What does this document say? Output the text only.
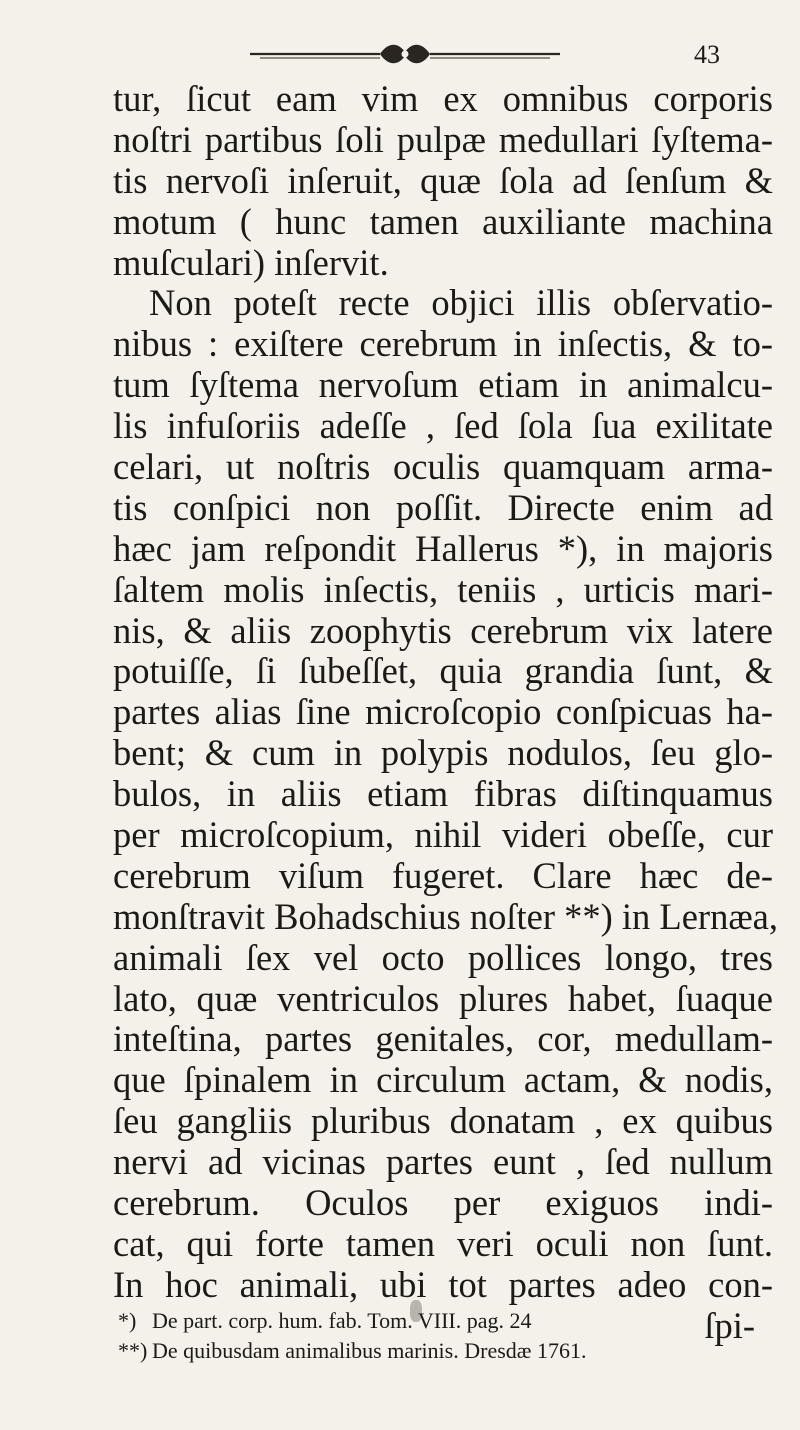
43
tur, ſicut eam vim ex omnibus corporis
noſtri partibus ſoli pulpæ medullari ſyſtema-
tis nervoſi inſeruit, quæ ſola ad ſenſum &
motum ( hunc tamen auxiliante machina
muſculari) inſervit.
Non poteſt recte objici illis obſervatio-
nibus : exiſtere cerebrum in inſectis, & to-
tum ſyſtema nervoſum etiam in animalcu-
lis infuſoriis adeſſe , ſed ſola ſua exilitate
celari, ut noſtris oculis quamquam arma-
tis conſpici non poſſit. Directe enim ad
hæc jam reſpondit Hallerus *), in majoris
ſaltem molis inſectis, teniis , urticis mari-
nis, & aliis zoophytis cerebrum vix latere
potuiſſe, ſi ſubeſſet, quia grandia ſunt, &
partes alias ſine microſcopio conſpicuas ha-
bent; & cum in polypis nodulos, ſeu glo-
bulos, in aliis etiam fibras diſtinquamus
per microſcopium, nihil videri obeſſe, cur
cerebrum viſum fugeret. Clare hæc de-
monſtravit Bohadschius noſter **) in Lernæa,
animali ſex vel octo pollices longo, tres
lato, quæ ventriculos plures habet, ſuaque
inteſtina, partes genitales, cor, medullam-
que ſpinalem in circulum actam, & nodis,
ſeu gangliis pluribus donatam , ex quibus
nervi ad vicinas partes eunt , ſed nullum
cerebrum. Oculos per exiguos indi-
cat, qui forte tamen veri oculi non ſunt.
In hoc animali, ubi tot partes adeo con-
ſpi-
*) De part. corp. hum. fab. Tom. VIII. pag. 24
**) De quibusdam animalibus marinis. Dresdæ 1761.
